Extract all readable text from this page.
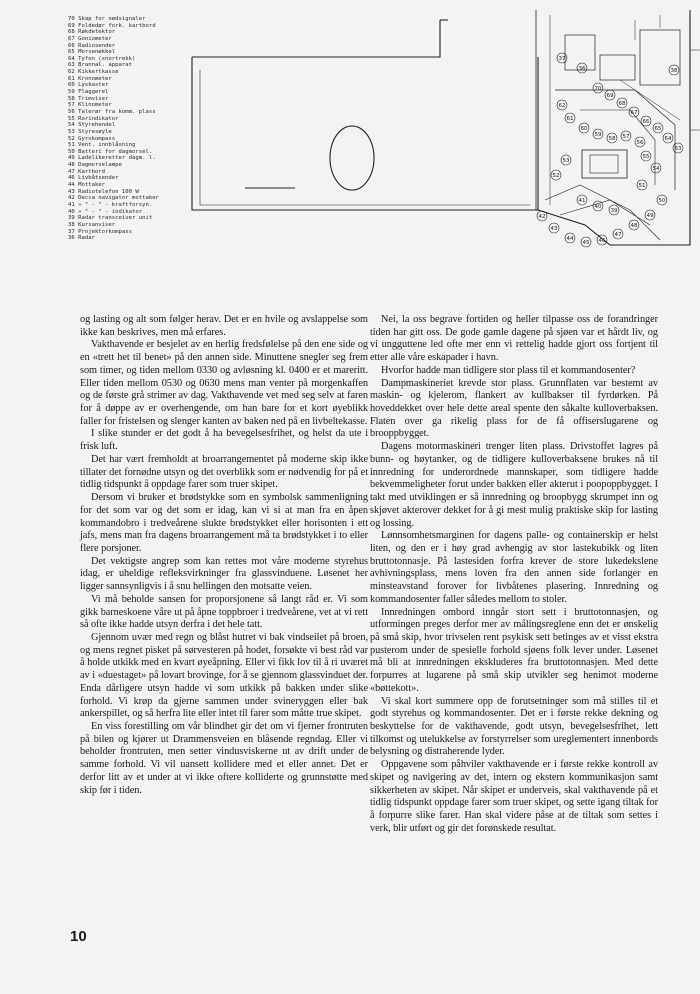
70 Skap for nødsignaler
69 Foldedør fork. kartbord
68 Røkdetektor
67 Goniometer
66 Radiosender
65 Morsenøkkel
64 Tyfon (snortrekk)
63 Brannal. apparat
62 Kikkertkasse
61 Kronometer
60 Lyskaster
59 Flaggerel
58 Trimviser
57 Klinometer
56 Talerør fra komm. plass
55 Rorindikator
54 Styrehendel
53 Styresøyle
52 Gyrokompass
51 Vent. innblåsning
50 Batteri for dagmorsel.
49 Ladelikeretter dagm. l.
48 Dagmorselampe
47 Kartbord
46 Livbåtsender
44 Mottaker
43 Radiotelefon 100 W
42 Decca navigator mottaker
41 » " - " - kraftforsyn.
40 » " - " - indikator
39 Radar transceiver unit
38 Kursanviser
37 Projektorkompass
36 Radar
70
69
68
67
66
65
64
63
62
61
60
59
58 57
56
55
54
53
52
51
50
49
48
47
46
45
44
43
42
41
40
39
38
37
36

og lasting og alt som følger herav. Det er en hvile og avslappelse som ikke kan beskrives, men må erfares.

Vakthavende er besjelet av en herlig fredsfølelse på den ene side og en «trett het til benet» på den annen side. Minuttene snegler seg frem som timer, og tiden mellom 0330 og avløsning kl. 0400 er et mareritt. Eller tiden mellom 0530 og 0630 mens man venter på morgenkaffen og de første grå strimer av dag. Vakthavende vet med seg selv at faren for å døppe av er overhengende, om han bare for et kort øyeblikk faller for fristelsen og slenger kanten av baken ned på en livbeltekasse.

I slike stunder er det godt å ha bevegelsesfrihet, og helst da ute i frisk luft.

Det har vært fremholdt at broarrangementet på moderne skip ikke tillater det fornødne utsyn og det overblikk som er nødvendig for på et tidlig tidspunkt å oppdage farer som truer skipet.

Dersom vi bruker et brødstykke som en symbolsk sammenligning for det som var og det som er idag, kan vi si at man fra en åpen kommandobro i tredveårene slukte brødstykket eller horisonten i ett jafs, mens man fra dagens broarrangement må ta brødstykket i to eller flere porsjoner.

Det vektigste angrep som kan rettes mot våre moderne styrehus idag, er uheldige refleksvirkninger fra glassvinduene. Løsenet her ligger sannsynligvis i å snu hellingen den motsatte veien.

Vi må beholde sansen for proporsjonene så langt råd er. Vi som gikk barneskoene våre ut på åpne toppbroer i tredveårene, vet at vi rett så ofte ikke hadde utsyn derfra i det hele tatt.

Gjennom uvær med regn og blåst hutret vi bak vindseilet på broen, og mens regnet pisket på sørvesteren på hodet, forsøkte vi best råd var å holde utkikk med en kvart øyeåpning. Eller vi fikk lov til å ri uværet av i «duestaget» på lovart brovinge, for å se gjennom glassvinduet der. Enda dårligere utsyn hadde vi som utkikk på bakken under slike forhold. Vi krøp da gjerne sammen under svineryggen eller bak ankerspillet, og så herfra lite eller intet til farer som måtte true skipet.

En viss forestilling om vår blindhet gir det om vi fjerner frontruten på bilen og kjører ut Drammensveien en blåsende regndag. Eller vi beholder frontruten, men setter vindusviskerne ut av drift under de samme forhold. Vi vil uansett kollidere med et eller annet. Det er derfor litt av et under at vi ikke oftere kolliderte og grunnstøtte med skip før i tiden.

Nei, la oss begrave fortiden og heller tilpasse oss de forandringer tiden har gitt oss. De gode gamle dagene på sjøen var et hårdt liv, og vi ungguttene led ofte mer enn vi rettelig hadde gjort oss fortjent til etter alle våre eskapader i havn.

Hvorfor hadde man tidligere stor plass til et kommandosenter?

Dampmaskineriet krevde stor plass. Grunnflaten var bestemt av maskin- og kjelerom, flankert av kullbakser til fyrdørken. På hoveddekket over hele dette areal spente den såkalte kulloverbaksen. Flaten over ga rikelig plass for de få offiserslugarene og brooppbygget.

Dagens motormaskineri trenger liten plass. Drivstoffet lagres på bunn- og høytanker, og de tidligere kulloverbaksene brukes nå til innredning for underordnede mannskaper, som tidligere hadde bekvemmeligheter forut under bakken eller akterut i poopoppbygget. I takt med utviklingen er så innredning og broopbygg skrumpet inn og skjøvet akterover dekket for å gi mest mulig praktiske skip for lasting og lossing.

Lønnsomhetsmarginen for dagens palle- og containerskip er helst liten, og den er i høy grad avhengig av stor lastekubikk og liten bruttotonnasje. På lastesiden forfra krever de store lukedekslene avhivningsplass, mens loven fra den annen side forlanger en minsteavstand forover for livbåtenes plasering. Innredning og kommandosenter faller således mellom to stoler.

Innredningen ombord inngår stort sett i bruttotonnasjen, og utformingen preges derfor mer av målingsreglene enn det er ønskelig på små skip, hvor trivselen rent psykisk sett betinges av et visst ekstra pusterom under de spesielle forhold sjøens folk lever under. Løsenet må bli at innredningen ekskluderes fra bruttotonnasjen. Med dette forpurres at lugarene på små skip utvikler seg henimot moderne «bøttekott».

Vi skal kort summere opp de forutsetninger som må stilles til et godt styrehus og kommandosenter. Det er i første rekke dekning og beskyttelse for de vakthavende, godt utsyn, bevegelsesfrihet, lett tilkomst og utelukkelse av forstyrrelser som ureglementert innenbords belysning og distraherende lyder.

Oppgavene som påhviler vakthavende er i første rekke kontroll av skipet og navigering av det, intern og ekstern kommunikasjon samt sikkerheten av skipet. Når skipet er underveis, skal vakthavende på et tidlig tidspunkt oppdage farer som truer skipet, og sette igang tiltak for å forpurre slike farer. Han skal videre påse at de tiltak som settes i verk, blir utført og gir det forønskede resultat.

10
